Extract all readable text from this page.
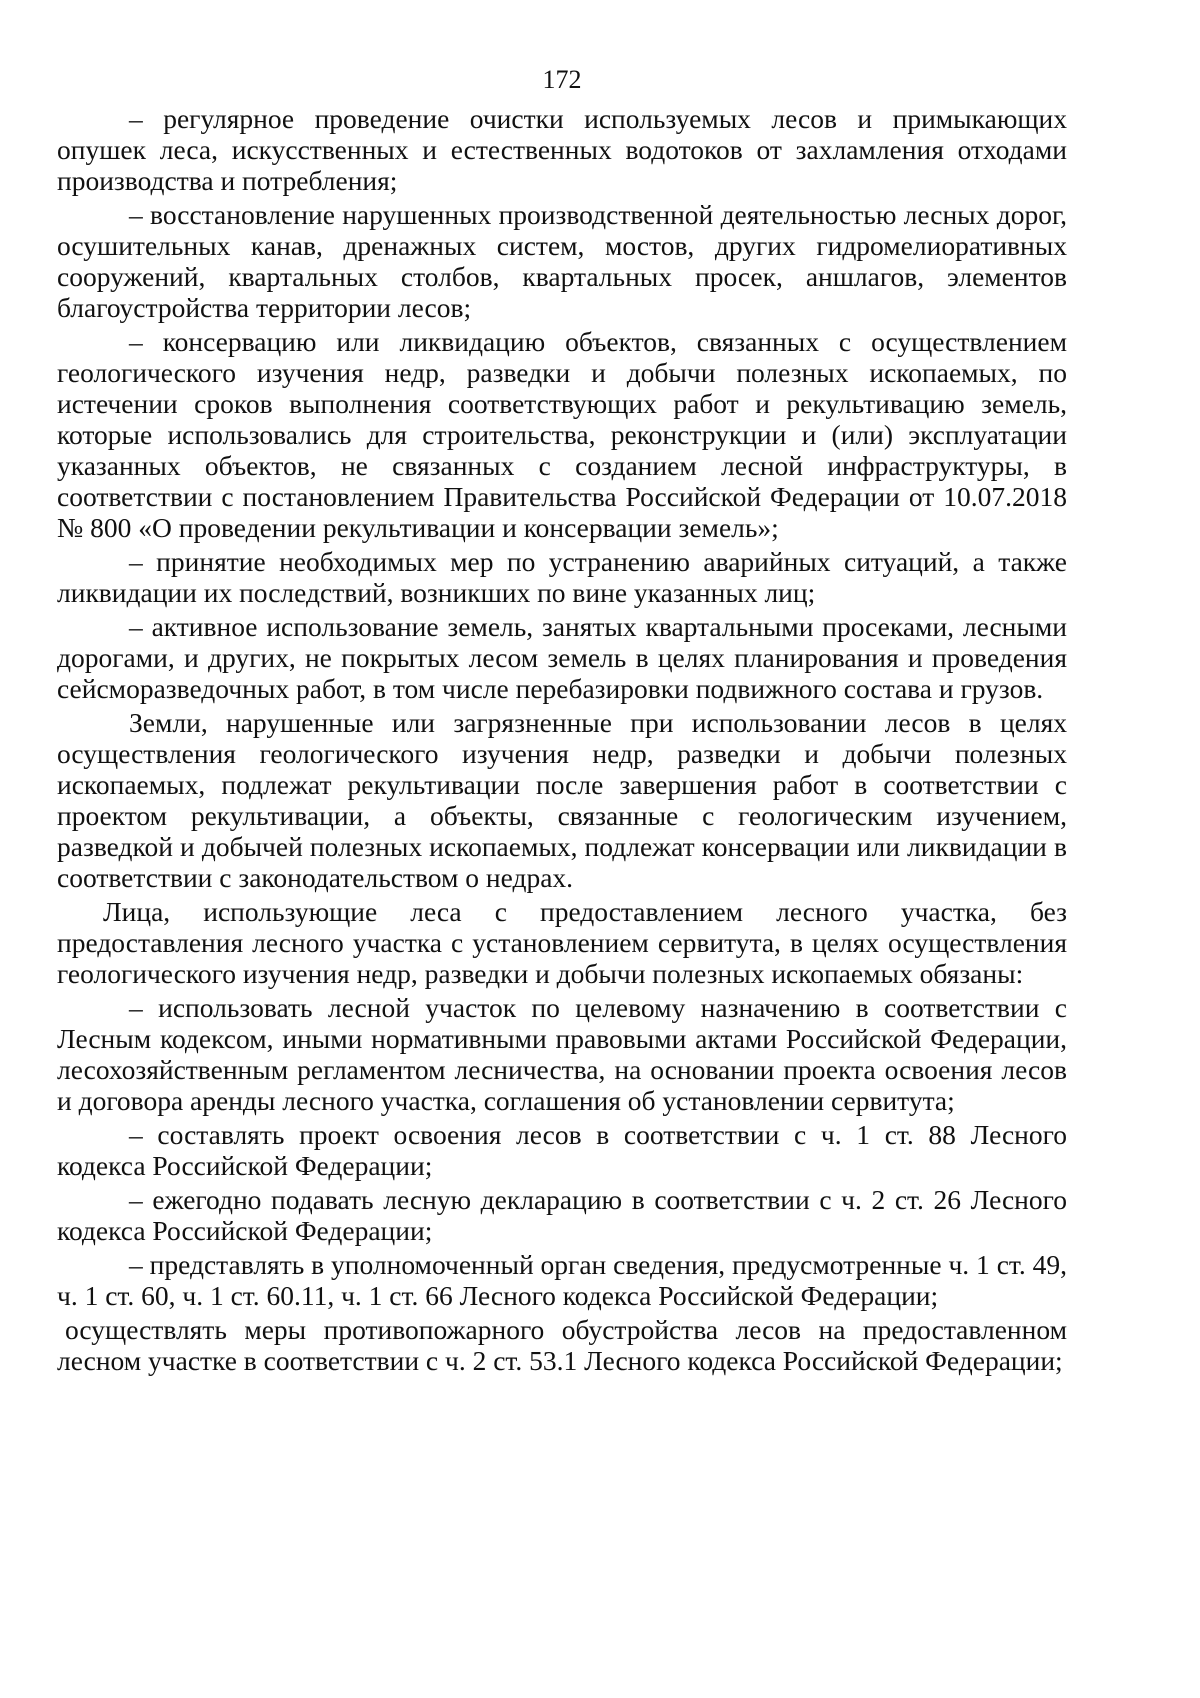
172

– регулярное проведение очистки используемых лесов и примыкающих опушек леса, искусственных и естественных водотоков от захламления отходами производства и потребления;

– восстановление нарушенных производственной деятельностью лесных дорог, осушительных канав, дренажных систем, мостов, других гидромелиоративных сооружений, квартальных столбов, квартальных просек, аншлагов, элементов благоустройства территории лесов;

– консервацию или ликвидацию объектов, связанных с осуществлением геологического изучения недр, разведки и добычи полезных ископаемых, по истечении сроков выполнения соответствующих работ и рекультивацию земель, которые использовались для строительства, реконструкции и (или) эксплуатации указанных объектов, не связанных с созданием лесной инфраструктуры, в соответствии с постановлением Правительства Российской Федерации от 10.07.2018 № 800 «О проведении рекультивации и консервации земель»;

– принятие необходимых мер по устранению аварийных ситуаций, а также ликвидации их последствий, возникших по вине указанных лиц;

– активное использование земель, занятых квартальными просеками, лесными дорогами, и других, не покрытых лесом земель в целях планирования и проведения сейсморазведочных работ, в том числе перебазировки подвижного состава и грузов.

Земли, нарушенные или загрязненные при использовании лесов в целях осуществления геологического изучения недр, разведки и добычи полезных ископаемых, подлежат рекультивации после завершения работ в соответствии с проектом рекультивации, а объекты, связанные с геологическим изучением, разведкой и добычей полезных ископаемых, подлежат консервации или ликвидации в соответствии с законодательством о недрах.

Лица, использующие леса с предоставлением лесного участка, без предоставления лесного участка с установлением сервитута, в целях осуществления геологического изучения недр, разведки и добычи полезных ископаемых обязаны:

– использовать лесной участок по целевому назначению в соответствии с Лесным кодексом, иными нормативными правовыми актами Российской Федерации, лесохозяйственным регламентом лесничества, на основании проекта освоения лесов и договора аренды лесного участка, соглашения об установлении сервитута;

– составлять проект освоения лесов в соответствии с ч. 1 ст. 88 Лесного кодекса Российской Федерации;

– ежегодно подавать лесную декларацию в соответствии с ч. 2 ст. 26 Лесного кодекса Российской Федерации;

– представлять в уполномоченный орган сведения, предусмотренные ч. 1 ст. 49, ч. 1 ст. 60, ч. 1 ст. 60.11, ч. 1 ст. 66 Лесного кодекса Российской Федерации;

осуществлять меры противопожарного обустройства лесов на предоставленном лесном участке в соответствии с ч. 2 ст. 53.1 Лесного кодекса Российской Федерации;
